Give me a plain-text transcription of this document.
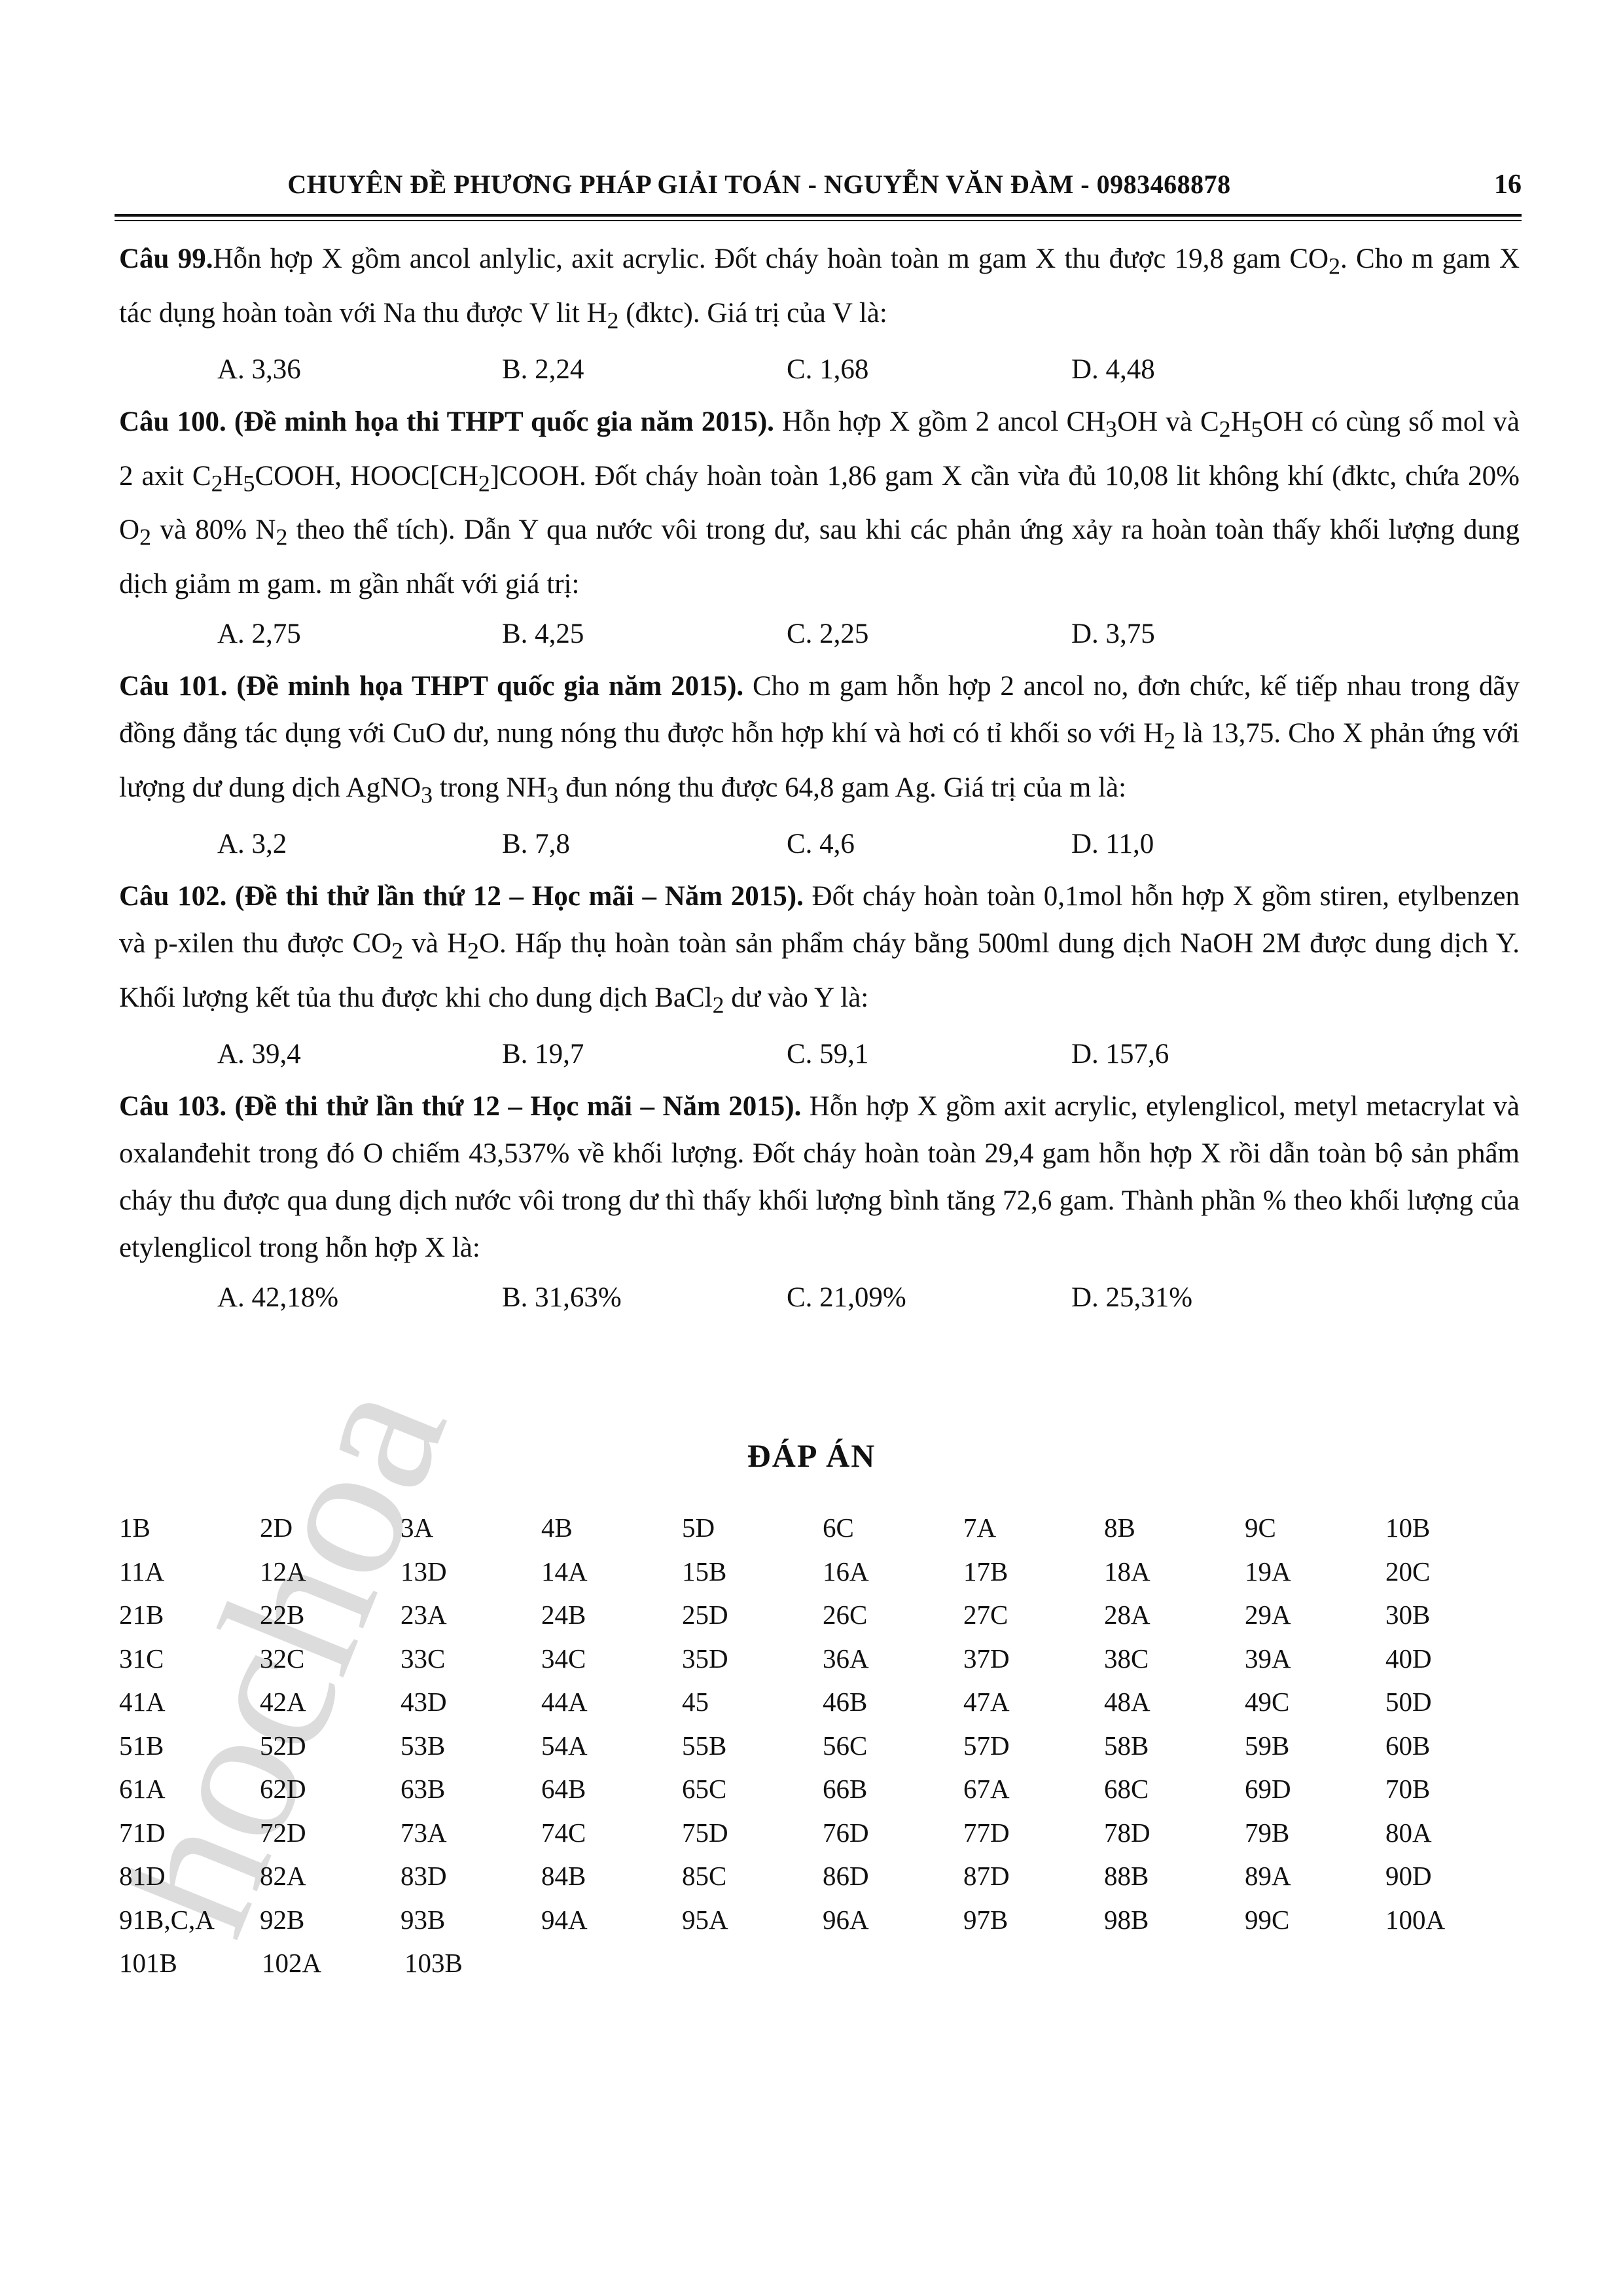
CHUYÊN ĐỀ PHƯƠNG PHÁP GIẢI TOÁN - NGUYỄN VĂN ĐÀM - 0983468878	16
hochoa

Câu 99.Hỗn hợp X gồm ancol anlylic, axit acrylic. Đốt cháy hoàn toàn m gam X thu được 19,8 gam $CO_2$. Cho m gam X tác dụng hoàn toàn với Na thu được V lit $H_2$ (đktc). Giá trị của V là:

A. 3,36	B. 2,24	C. 1,68	D. 4,48

Câu 100. (Đề minh họa thi THPT quốc gia năm 2015). Hỗn hợp X gồm 2 ancol $CH_3OH$ và $C_2H_5OH$ có cùng số mol và 2 axit $C_2H_5COOH$, $HOOC[CH_2]COOH$. Đốt cháy hoàn toàn 1,86 gam X cần vừa đủ 10,08 lit không khí (đktc, chứa 20% $O_2$ và 80% $N_2$ theo thể tích). Dẫn Y qua nước vôi trong dư, sau khi các phản ứng xảy ra hoàn toàn thấy khối lượng dung dịch giảm m gam. m gần nhất với giá trị:

A. 2,75	B. 4,25	C. 2,25	D. 3,75

Câu 101. (Đề minh họa THPT quốc gia năm 2015). Cho m gam hỗn hợp 2 ancol no, đơn chức, kế tiếp nhau trong dãy đồng đẳng tác dụng với CuO dư, nung nóng thu được hỗn hợp khí và hơi có tỉ khối so với $H_2$ là 13,75. Cho X phản ứng với lượng dư dung dịch AgNO$_3$ trong $NH_3$ đun nóng thu được 64,8 gam Ag. Giá trị của m là:

A. 3,2	B. 7,8	C. 4,6	D. 11,0

Câu 102. (Đề thi thử lần thứ 12 – Học mãi – Năm 2015). Đốt cháy hoàn toàn 0,1mol hỗn hợp X gồm stiren, etylbenzen và p-xilen thu được $CO_2$ và $H_2O$. Hấp thụ hoàn toàn sản phẩm cháy bằng 500ml dung dịch NaOH 2M được dung dịch Y. Khối lượng kết tủa thu được khi cho dung dịch BaCl$_2$ dư vào Y là:

A. 39,4	B. 19,7	C. 59,1	D. 157,6

Câu 103. (Đề thi thử lần thứ 12 – Học mãi – Năm 2015). Hỗn hợp X gồm axit acrylic, etylenglicol, metyl metacrylat và oxalanđehit trong đó O chiếm 43,537% về khối lượng. Đốt cháy hoàn toàn 29,4 gam hỗn hợp X rồi dẫn toàn bộ sản phẩm cháy thu được qua dung dịch nước vôi trong dư thì thấy khối lượng bình tăng 72,6 gam. Thành phần % theo khối lượng của etylenglicol trong hỗn hợp X là:

A. 42,18%	B. 31,63%	C. 21,09%	D. 25,31%
ĐÁP ÁN
1B	2D	3A	4B	5D	6C	7A	8B	9C	10B
11A	12A	13D	14A	15B	16A	17B	18A	19A	20C
21B	22B	23A	24B	25D	26C	27C	28A	29A	30B
31C	32C	33C	34C	35D	36A	37D	38C	39A	40D
41A	42A	43D	44A	45	46B	47A	48A	49C	50D
51B	52D	53B	54A	55B	56C	57D	58B	59B	60B
61A	62D	63B	64B	65C	66B	67A	68C	69D	70B
71D	72D	73A	74C	75D	76D	77D	78D	79B	80A
81D	82A	83D	84B	85C	86D	87D	88B	89A	90D
91B,C,A	92B	93B	94A	95A	96A	97B	98B	99C	100A
101B	102A	103B
